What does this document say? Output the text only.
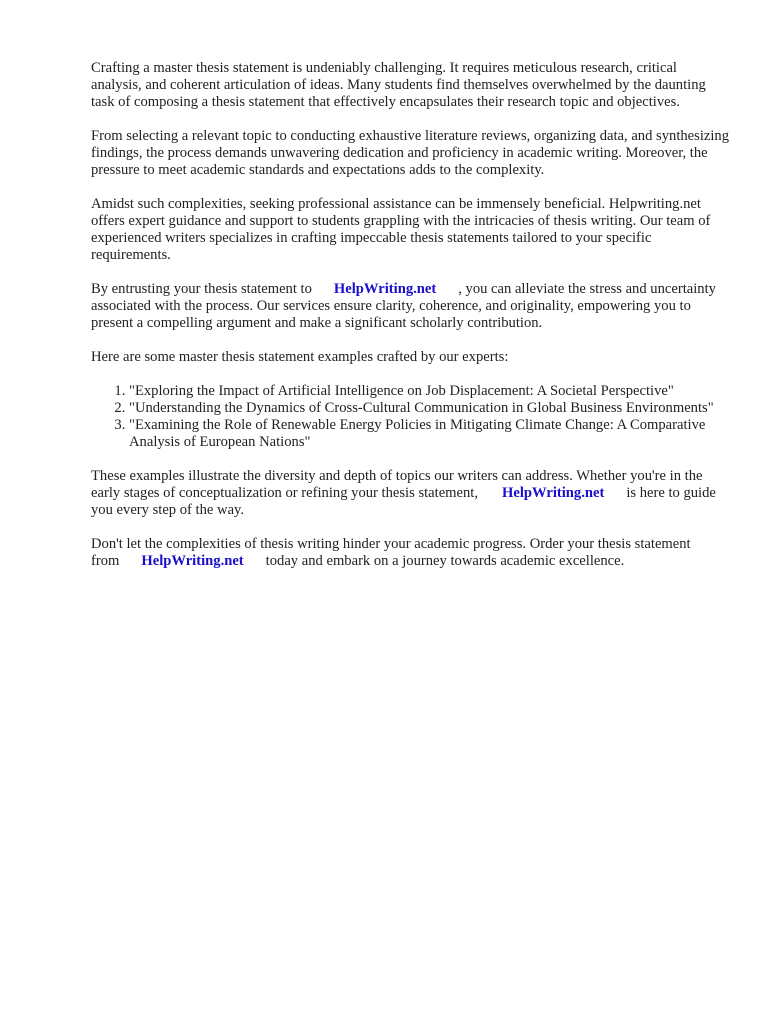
Crafting a master thesis statement is undeniably challenging. It requires meticulous research, critical analysis, and coherent articulation of ideas. Many students find themselves overwhelmed by the daunting task of composing a thesis statement that effectively encapsulates their research topic and objectives.

From selecting a relevant topic to conducting exhaustive literature reviews, organizing data, and synthesizing findings, the process demands unwavering dedication and proficiency in academic writing. Moreover, the pressure to meet academic standards and expectations adds to the complexity.

Amidst such complexities, seeking professional assistance can be immensely beneficial. Helpwriting.net offers expert guidance and support to students grappling with the intricacies of thesis writing. Our team of experienced writers specializes in crafting impeccable thesis statements tailored to your specific requirements.

By entrusting your thesis statement to HelpWriting.net , you can alleviate the stress and uncertainty associated with the process. Our services ensure clarity, coherence, and originality, empowering you to present a compelling argument and make a significant scholarly contribution.

Here are some master thesis statement examples crafted by our experts:

1. "Exploring the Impact of Artificial Intelligence on Job Displacement: A Societal Perspective"
2. "Understanding the Dynamics of Cross-Cultural Communication in Global Business Environments"
3. "Examining the Role of Renewable Energy Policies in Mitigating Climate Change: A Comparative Analysis of European Nations"

These examples illustrate the diversity and depth of topics our writers can address. Whether you're in the early stages of conceptualization or refining your thesis statement, HelpWriting.net is here to guide you every step of the way.

Don't let the complexities of thesis writing hinder your academic progress. Order your thesis statement from HelpWriting.net today and embark on a journey towards academic excellence.
